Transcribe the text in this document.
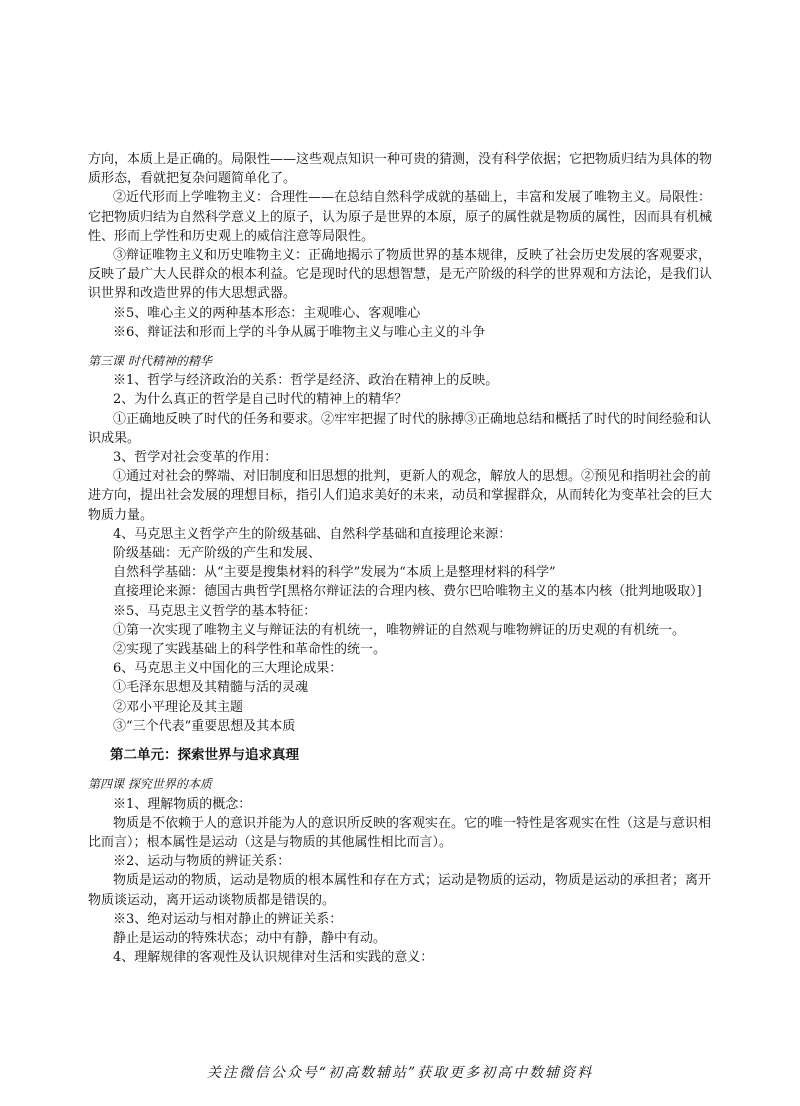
方向，本质上是正确的。局限性——这些观点知识一种可贵的猜测，没有科学依据；它把物质归结为具体的物
质形态，看就把复杂问题简单化了。
②近代形而上学唯物主义：合理性——在总结自然科学成就的基础上，丰富和发展了唯物主义。局限性：
它把物质归结为自然科学意义上的原子，认为原子是世界的本原，原子的属性就是物质的属性，因而具有机械
性、形而上学性和历史观上的威信注意等局限性。
③辩证唯物主义和历史唯物主义：正确地揭示了物质世界的基本规律，反映了社会历史发展的客观要求，
反映了最广大人民群众的根本利益。它是现时代的思想智慧，是无产阶级的科学的世界观和方法论，是我们认
识世界和改造世界的伟大思想武器。
※5、唯心主义的两种基本形态：主观唯心、客观唯心
※6、辩证法和形而上学的斗争从属于唯物主义与唯心主义的斗争
第三课 时代精神的精华
※1、哲学与经济政治的关系：哲学是经济、政治在精神上的反映。
2、为什么真正的哲学是自己时代的精神上的精华？
①正确地反映了时代的任务和要求。②牢牢把握了时代的脉搏③正确地总结和概括了时代的时间经验和认
识成果。
3、哲学对社会变革的作用：
①通过对社会的弊端、对旧制度和旧思想的批判，更新人的观念，解放人的思想。②预见和指明社会的前
进方向，提出社会发展的理想目标，指引人们追求美好的未来，动员和掌握群众，从而转化为变革社会的巨大
物质力量。
4、马克思主义哲学产生的阶级基础、自然科学基础和直接理论来源：
阶级基础：无产阶级的产生和发展、
自然科学基础：从“主要是搜集材料的科学”发展为“本质上是整理材料的科学”
直接理论来源：德国古典哲学[黑格尔辩证法的合理内核、费尔巴哈唯物主义的基本内核（批判地吸取）]
※5、马克思主义哲学的基本特征：
①第一次实现了唯物主义与辩证法的有机统一，唯物辨证的自然观与唯物辨证的历史观的有机统一。
②实现了实践基础上的科学性和革命性的统一。
6、马克思主义中国化的三大理论成果：
①毛泽东思想及其精髓与活的灵魂
②邓小平理论及其主题
③“三个代表”重要思想及其本质
第二单元：探索世界与追求真理
第四课 探究世界的本质
※1、理解物质的概念：
物质是不依赖于人的意识并能为人的意识所反映的客观实在。它的唯一特性是客观实在性（这是与意识相
比而言）；根本属性是运动（这是与物质的其他属性相比而言）。
※2、运动与物质的辨证关系：
物质是运动的物质，运动是物质的根本属性和存在方式；运动是物质的运动，物质是运动的承担者；离开
物质谈运动，离开运动谈物质都是错误的。
※3、绝对运动与相对静止的辨证关系：
静止是运动的特殊状态；动中有静，静中有动。
4、理解规律的客观性及认识规律对生活和实践的意义：
关注微信公众号“初高数辅站”获取更多初高中数辅资料
